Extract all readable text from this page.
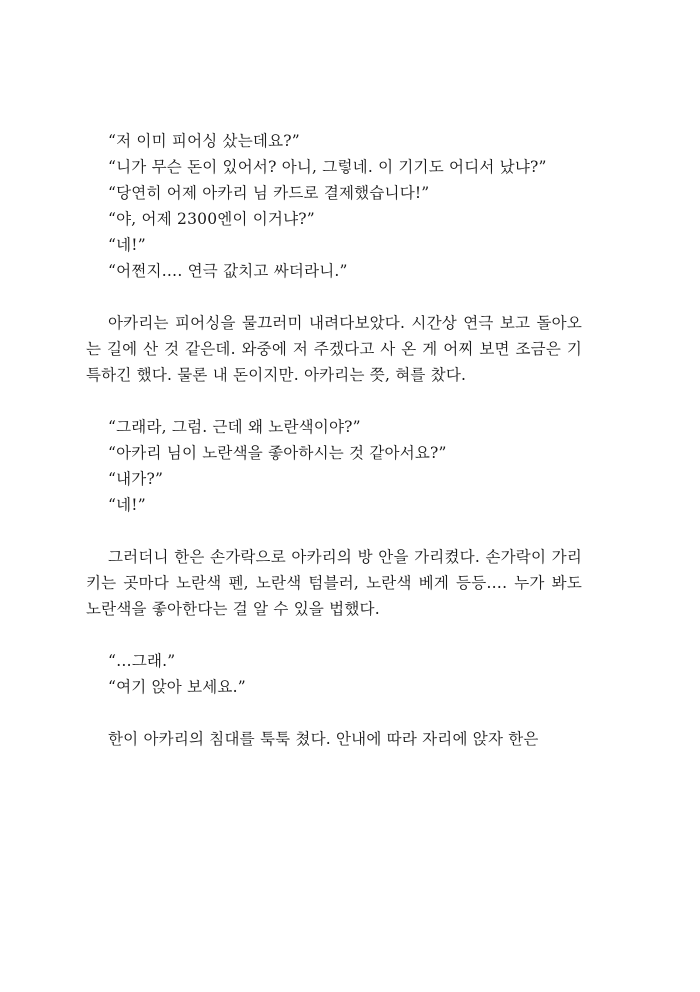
“저 이미 피어싱 샀는데요?”

“니가 무슨 돈이 있어서? 아니, 그렇네. 이 기기도 어디서 났냐?”

“당연히 어제 아카리 님 카드로 결제했습니다!”

“야, 어제 2300엔이 이거냐?”

“네!”

“어쩐지…. 연극 값치고 싸더라니.”

아카리는 피어싱을 물끄러미 내려다보았다. 시간상 연극 보고 돌아오는 길에 산 것 같은데. 와중에 저 주겠다고 사 온 게 어찌 보면 조금은 기특하긴 했다. 물론 내 돈이지만. 아카리는 쯧, 혀를 찼다.

“그래라, 그럼. 근데 왜 노란색이야?”

“아카리 님이 노란색을 좋아하시는 것 같아서요?”

“내가?”

“네!”

그러더니 한은 손가락으로 아카리의 방 안을 가리켰다. 손가락이 가리키는 곳마다 노란색 펜, 노란색 텀블러, 노란색 베게 등등…. 누가 봐도 노란색을 좋아한다는 걸 알 수 있을 법했다.

“…그래.”

“여기 앉아 보세요.”

한이 아카리의 침대를 툭툭 쳤다. 안내에 따라 자리에 앉자 한은
